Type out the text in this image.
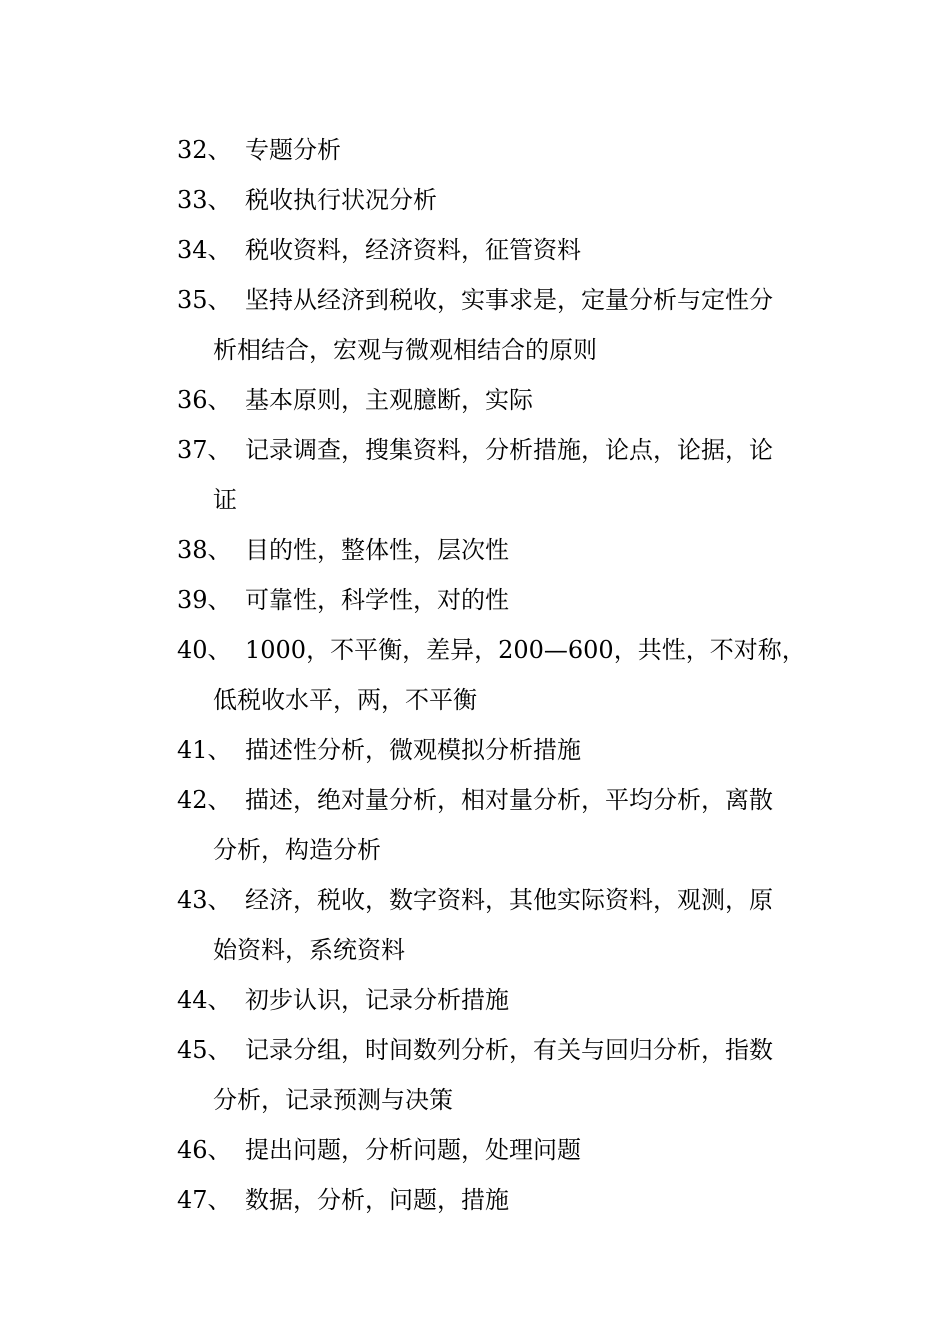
32、 专题分析
33、 税收执行状况分析
34、 税收资料，经济资料，征管资料
35、 坚持从经济到税收，实事求是，定量分析与定性分
析相结合，宏观与微观相结合的原则
36、 基本原则，主观臆断，实际
37、 记录调查，搜集资料，分析措施，论点，论据，论
证
38、 目的性，整体性，层次性
39、 可靠性，科学性，对的性
40、 1000，不平衡，差异，200—600，共性，不对称，
低税收水平，两，不平衡
41、 描述性分析，微观模拟分析措施
42、 描述，绝对量分析，相对量分析，平均分析，离散
分析，构造分析
43、 经济，税收，数字资料，其他实际资料，观测，原
始资料，系统资料
44、 初步认识，记录分析措施
45、 记录分组，时间数列分析，有关与回归分析，指数
分析，记录预测与决策
46、 提出问题，分析问题，处理问题
47、 数据，分析，问题，措施
